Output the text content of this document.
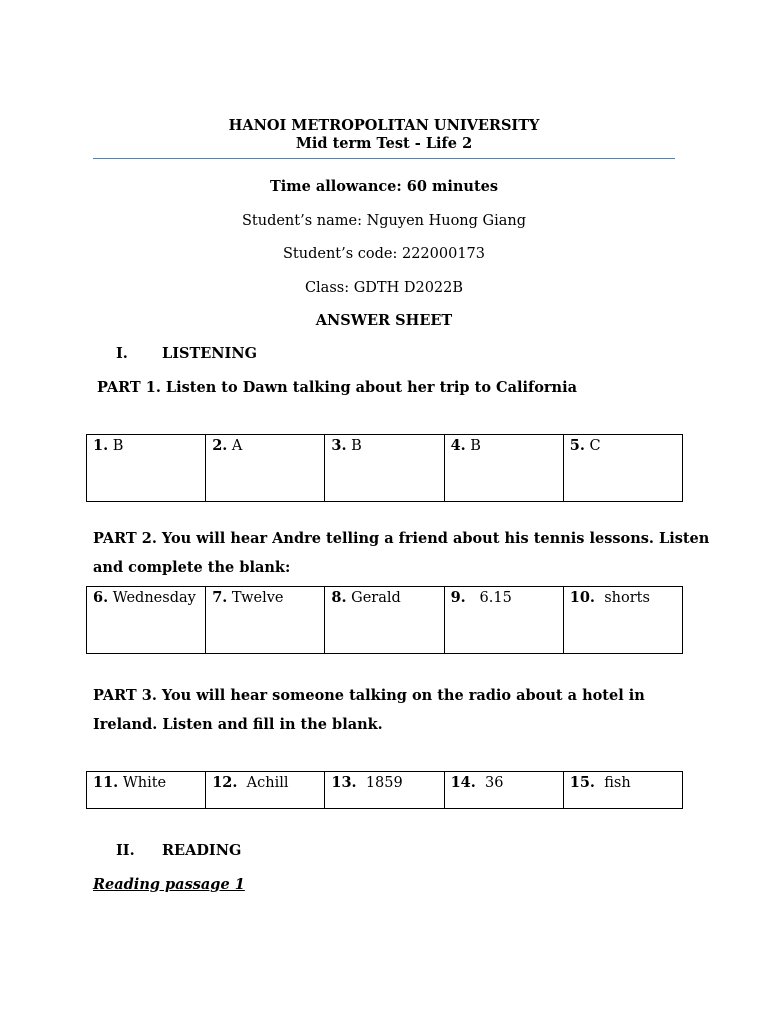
HANOI METROPOLITAN UNIVERSITY
Mid term Test - Life 2
Time allowance: 60 minutes
Student’s name: Nguyen Huong Giang
Student’s code: 222000173
Class: GDTH D2022B
ANSWER SHEET
I. LISTENING
PART 1. Listen to Dawn talking about her trip to California
1. B	2. A	3. B	4. B	5. C
PART 2. You will hear Andre telling a friend about his tennis lessons. Listen
and complete the blank:
6. Wednesday	7. Twelve	8. Gerald	9.   6.15	10.  shorts
PART 3. You will hear someone talking on the radio about a hotel in
Ireland. Listen and fill in the blank.
11. White	12.  Achill	13.  1859	14.  36	15.  fish
II. READING
Reading passage 1
